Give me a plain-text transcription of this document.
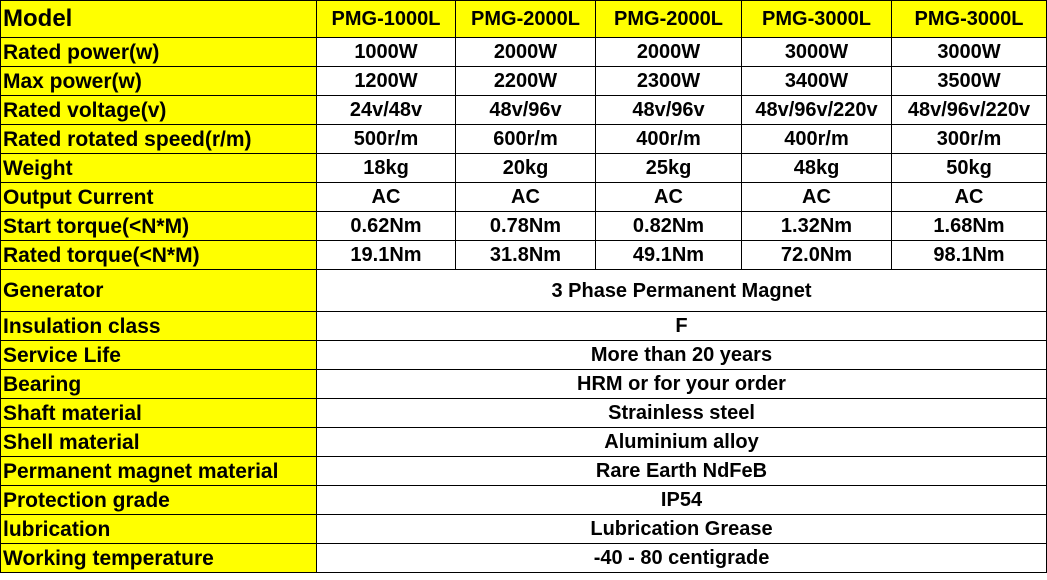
Model	PMG-1000L	PMG-2000L	PMG-2000L	PMG-3000L	PMG-3000L
Rated power(w)	1000W	2000W	2000W	3000W	3000W
Max power(w)	1200W	2200W	2300W	3400W	3500W
Rated voltage(v)	24v/48v	48v/96v	48v/96v	48v/96v/220v	48v/96v/220v
Rated rotated speed(r/m)	500r/m	600r/m	400r/m	400r/m	300r/m
Weight	18kg	20kg	25kg	48kg	50kg
Output Current	AC	AC	AC	AC	AC
Start torque(<N*M)	0.62Nm	0.78Nm	0.82Nm	1.32Nm	1.68Nm
Rated torque(<N*M)	19.1Nm	31.8Nm	49.1Nm	72.0Nm	98.1Nm
Generator	3 Phase Permanent Magnet				
Insulation class	F				
Service Life	More than 20 years				
Bearing	HRM or for your order				
Shaft material	Strainless steel				
Shell material	Aluminium alloy				
Permanent magnet material	Rare Earth NdFeB				
Protection grade	IP54				
lubrication	Lubrication Grease				
Working temperature	-40 - 80 centigrade				
